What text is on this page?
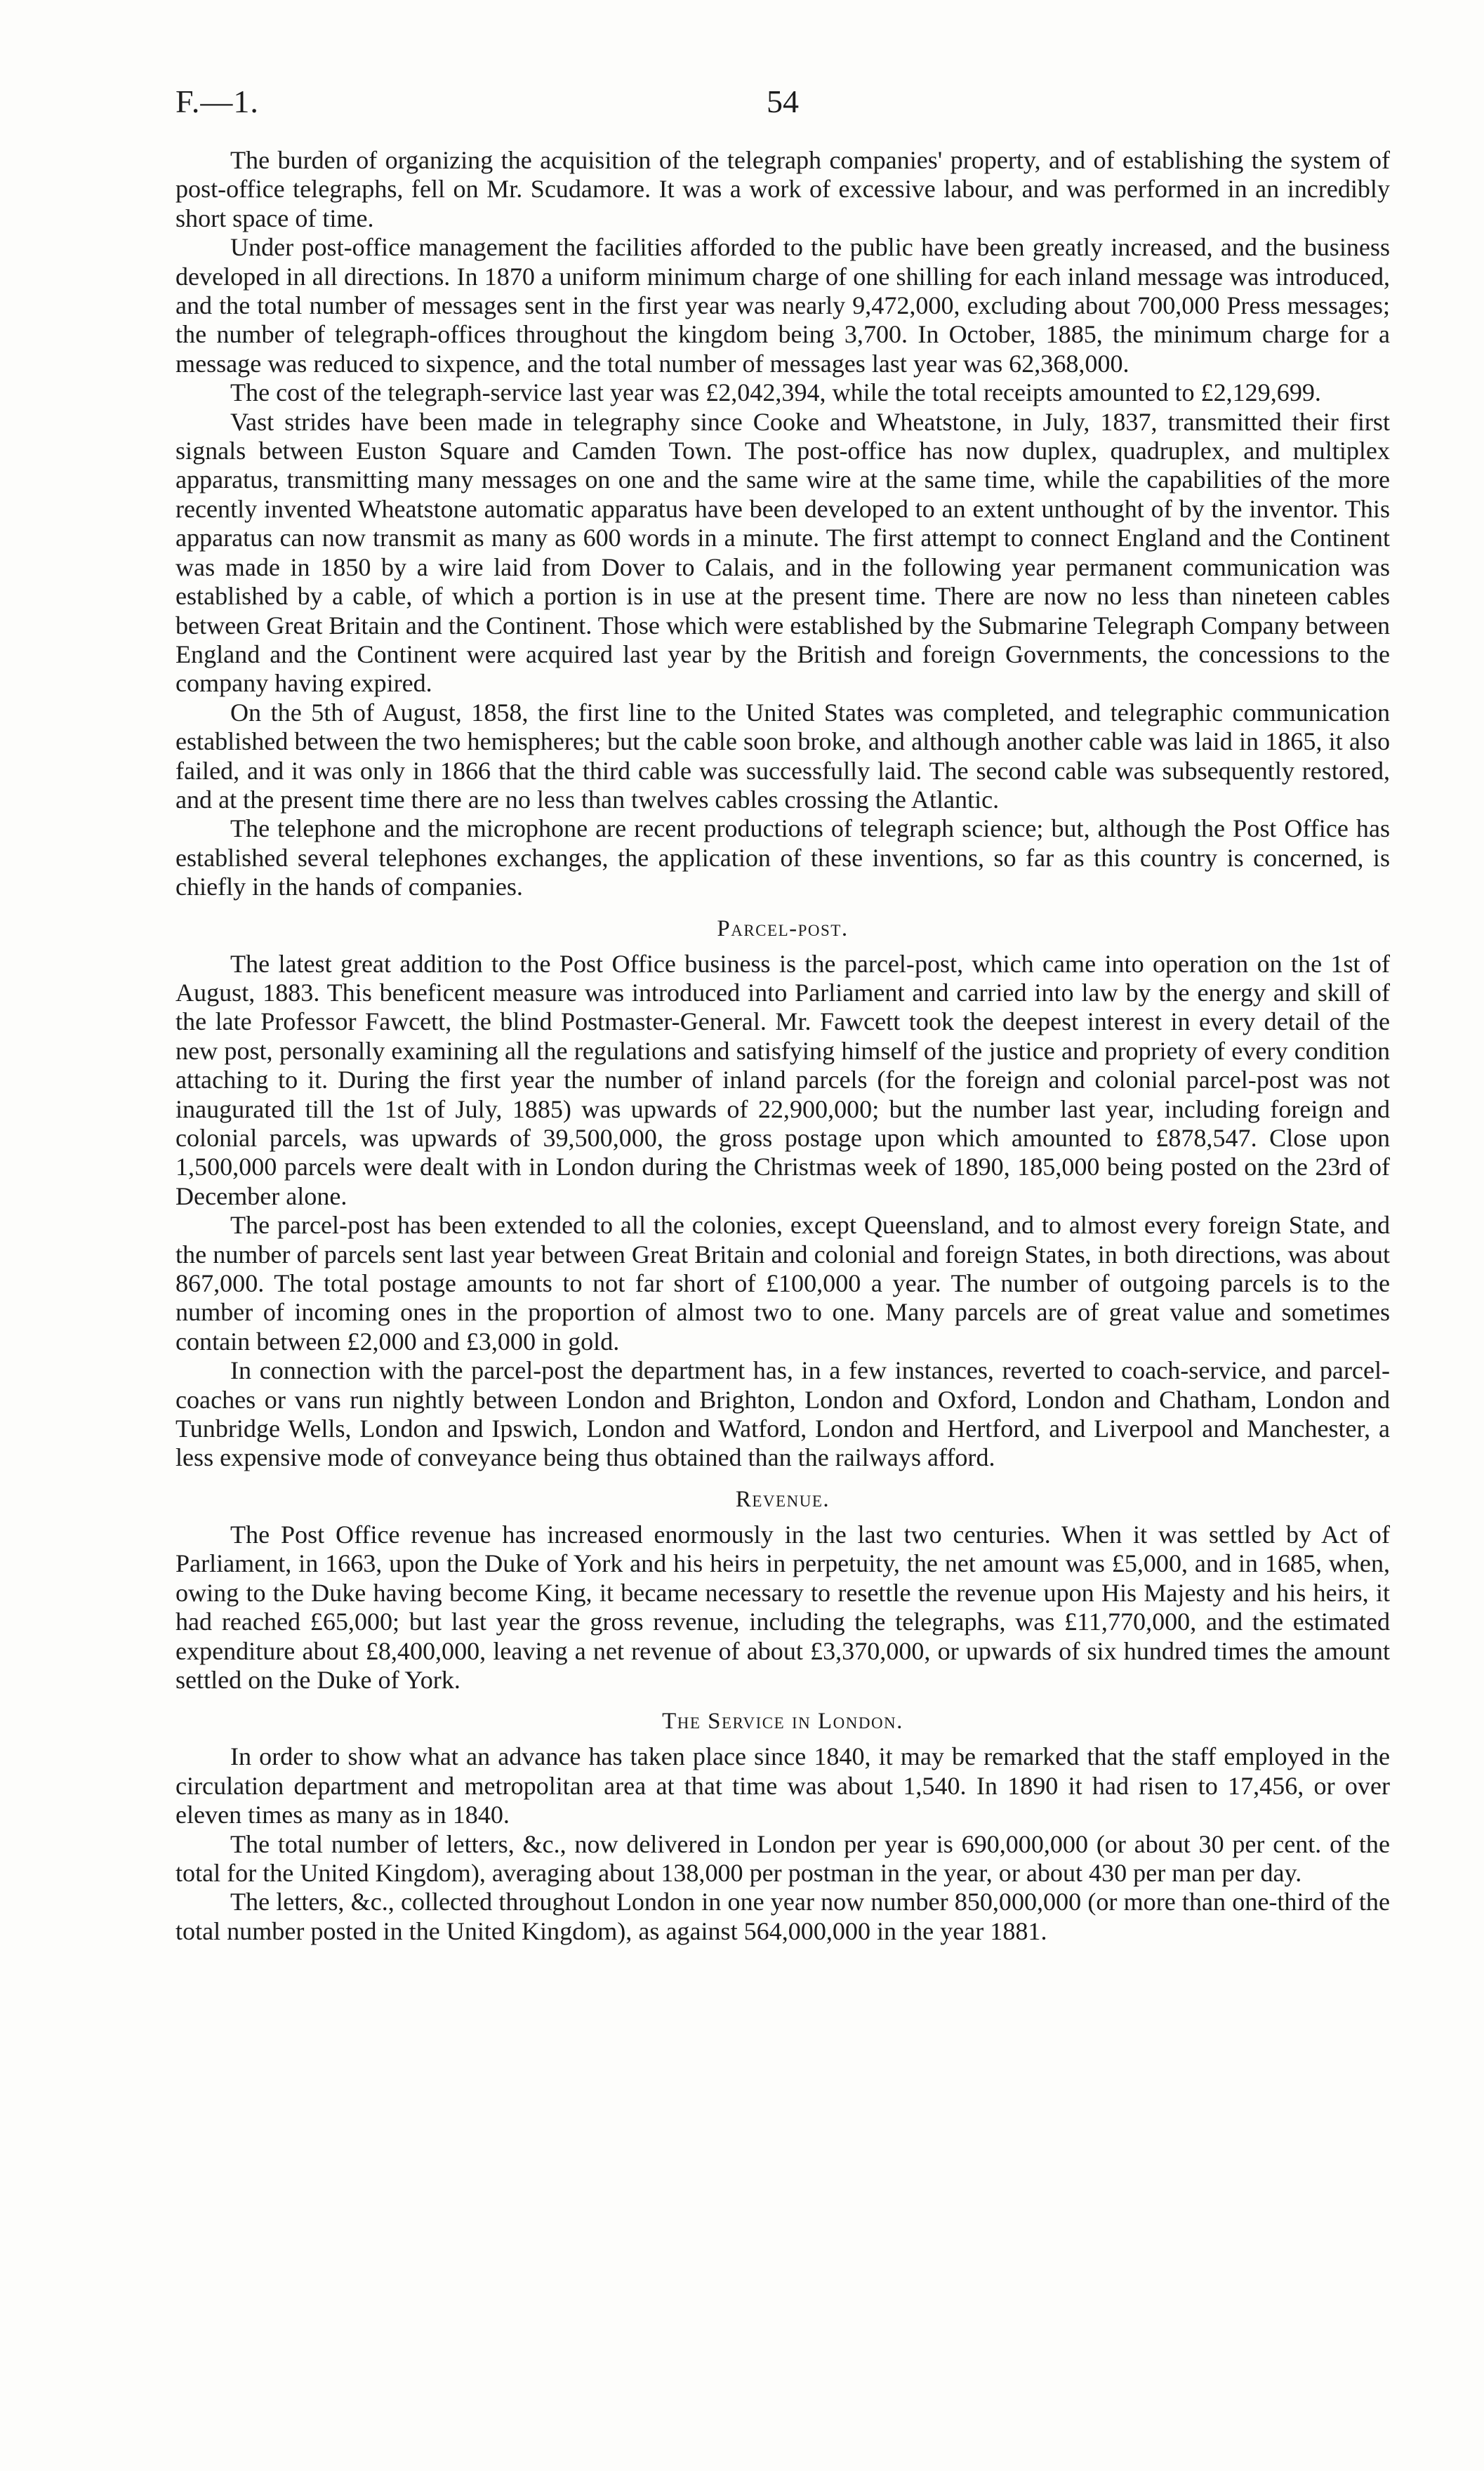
F.—1.	54

The burden of organizing the acquisition of the telegraph companies' property, and of establishing the system of post-office telegraphs, fell on Mr. Scudamore. It was a work of excessive labour, and was performed in an incredibly short space of time.

Under post-office management the facilities afforded to the public have been greatly increased, and the business developed in all directions. In 1870 a uniform minimum charge of one shilling for each inland message was introduced, and the total number of messages sent in the first year was nearly 9,472,000, excluding about 700,000 Press messages; the number of telegraph-offices throughout the kingdom being 3,700. In October, 1885, the minimum charge for a message was reduced to sixpence, and the total number of messages last year was 62,368,000.

The cost of the telegraph-service last year was £2,042,394, while the total receipts amounted to £2,129,699.

Vast strides have been made in telegraphy since Cooke and Wheatstone, in July, 1837, transmitted their first signals between Euston Square and Camden Town. The post-office has now duplex, quadruplex, and multiplex apparatus, transmitting many messages on one and the same wire at the same time, while the capabilities of the more recently invented Wheatstone automatic apparatus have been developed to an extent unthought of by the inventor. This apparatus can now transmit as many as 600 words in a minute. The first attempt to connect England and the Continent was made in 1850 by a wire laid from Dover to Calais, and in the following year permanent communication was established by a cable, of which a portion is in use at the present time. There are now no less than nineteen cables between Great Britain and the Continent. Those which were established by the Submarine Telegraph Company between England and the Continent were acquired last year by the British and foreign Governments, the concessions to the company having expired.

On the 5th of August, 1858, the first line to the United States was completed, and telegraphic communication established between the two hemispheres; but the cable soon broke, and although another cable was laid in 1865, it also failed, and it was only in 1866 that the third cable was successfully laid. The second cable was subsequently restored, and at the present time there are no less than twelves cables crossing the Atlantic.

The telephone and the microphone are recent productions of telegraph science; but, although the Post Office has established several telephones exchanges, the application of these inventions, so far as this country is concerned, is chiefly in the hands of companies.

Parcel-post.

The latest great addition to the Post Office business is the parcel-post, which came into operation on the 1st of August, 1883. This beneficent measure was introduced into Parliament and carried into law by the energy and skill of the late Professor Fawcett, the blind Postmaster-General. Mr. Fawcett took the deepest interest in every detail of the new post, personally examining all the regulations and satisfying himself of the justice and propriety of every condition attaching to it. During the first year the number of inland parcels (for the foreign and colonial parcel-post was not inaugurated till the 1st of July, 1885) was upwards of 22,900,000; but the number last year, including foreign and colonial parcels, was upwards of 39,500,000, the gross postage upon which amounted to £878,547. Close upon 1,500,000 parcels were dealt with in London during the Christmas week of 1890, 185,000 being posted on the 23rd of December alone.

The parcel-post has been extended to all the colonies, except Queensland, and to almost every foreign State, and the number of parcels sent last year between Great Britain and colonial and foreign States, in both directions, was about 867,000. The total postage amounts to not far short of £100,000 a year. The number of outgoing parcels is to the number of incoming ones in the proportion of almost two to one. Many parcels are of great value and sometimes contain between £2,000 and £3,000 in gold.

In connection with the parcel-post the department has, in a few instances, reverted to coach-service, and parcel-coaches or vans run nightly between London and Brighton, London and Oxford, London and Chatham, London and Tunbridge Wells, London and Ipswich, London and Watford, London and Hertford, and Liverpool and Manchester, a less expensive mode of conveyance being thus obtained than the railways afford.

Revenue.

The Post Office revenue has increased enormously in the last two centuries. When it was settled by Act of Parliament, in 1663, upon the Duke of York and his heirs in perpetuity, the net amount was £5,000, and in 1685, when, owing to the Duke having become King, it became necessary to resettle the revenue upon His Majesty and his heirs, it had reached £65,000; but last year the gross revenue, including the telegraphs, was £11,770,000, and the estimated expenditure about £8,400,000, leaving a net revenue of about £3,370,000, or upwards of six hundred times the amount settled on the Duke of York.

The Service in London.

In order to show what an advance has taken place since 1840, it may be remarked that the staff employed in the circulation department and metropolitan area at that time was about 1,540. In 1890 it had risen to 17,456, or over eleven times as many as in 1840.

The total number of letters, &c., now delivered in London per year is 690,000,000 (or about 30 per cent. of the total for the United Kingdom), averaging about 138,000 per postman in the year, or about 430 per man per day.

The letters, &c., collected throughout London in one year now number 850,000,000 (or more than one-third of the total number posted in the United Kingdom), as against 564,000,000 in the year 1881.
